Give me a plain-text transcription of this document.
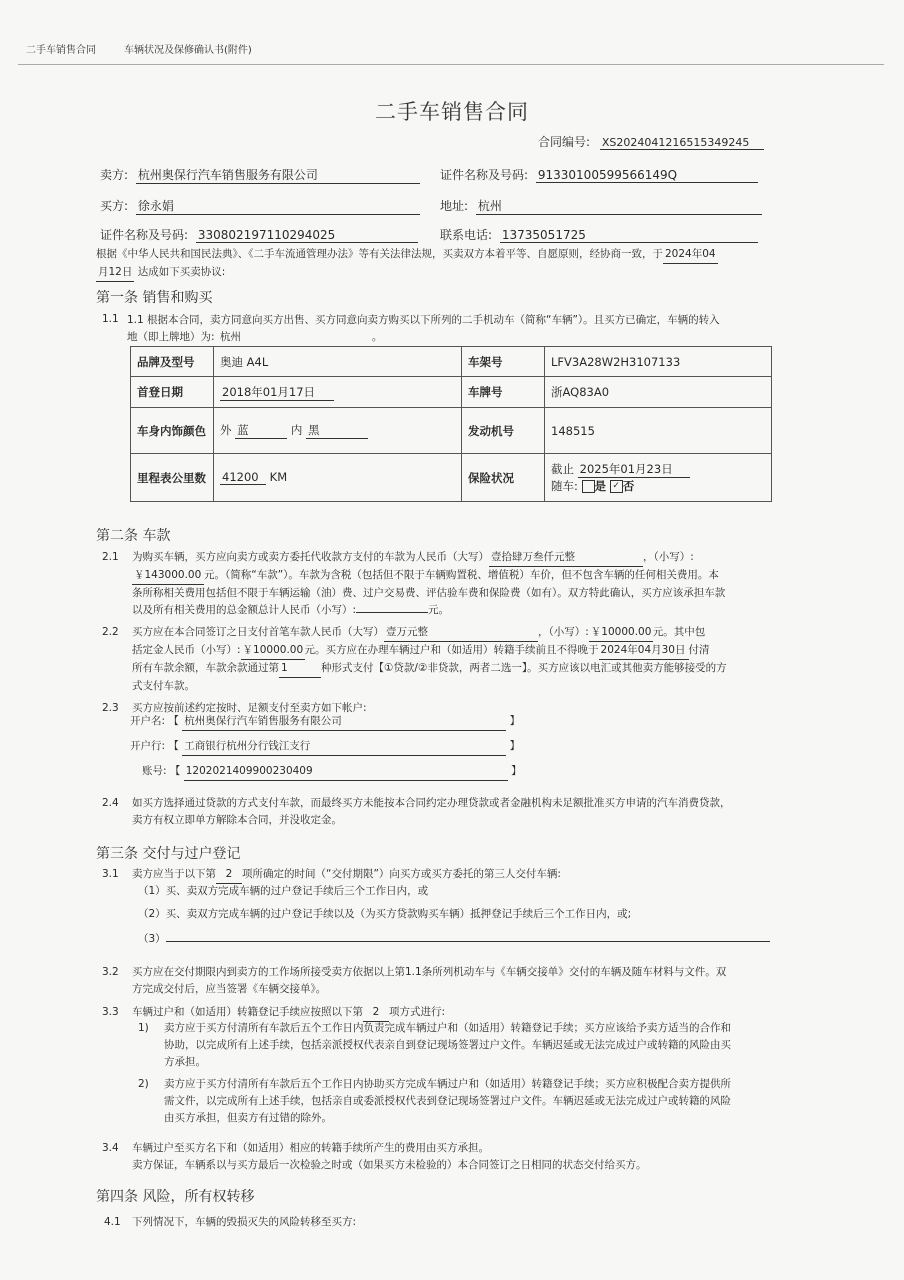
二手车销售合同	车辆状况及保修确认书(附件)
二手车销售合同
合同编号: XS2024041216515349245
卖方: 杭州奥保行汽车销售服务有限公司	证件名称及号码: 91330100599566149Q
买方: 徐永娟	地址: 杭州
证件名称及号码: 330802197110294025	联系电话: 13735051725
根据《中华人民共和国民法典》、《二手车流通管理办法》等有关法律法规，买卖双方本着平等、自愿原则，经协商一致，于 2024年04
月12日 达成如下买卖协议:
第一条 销售和购买
1.1 1.1 根据本合同，卖方同意向买方出售、买方同意向卖方购买以下所列的二手机动车（简称“车辆”）。且买方已确定，车辆的转入
地（即上牌地）为: 杭州	。
品牌及型号	奥迪 A4L	车架号	LFV3A28W2H3107133
首登日期	2018年01月17日	车牌号	浙AQ83A0
车身内饰颜色	外 蓝 内 黑	发动机号	148515
里程表公里数	41200 KM	保险状况	截止 2025年01月23日
随车: 是 ✓ 否
第二条 车款
2.1 为购买车辆，买方应向卖方或卖方委托代收款方支付的车款为人民币（大写） 壹拾肆万叁仟元整	，（小写）:
￥143000.00 元。（简称“车款”）。车款为含税（包括但不限于车辆购置税、增值税）车价，但不包含车辆的任何相关费用。本
条所称相关费用包括但不限于车辆运输（油）费、过户交易费、评估验车费和保险费（如有）。双方特此确认，买方应该承担车款
以及所有相关费用的总金额总计人民币（小写）:	元。
2.2 买方应在本合同签订之日支付首笔车款人民币（大写） 壹万元整	，（小写）: ￥10000.00元。其中包
括定金人民币（小写）: ￥10000.00元。买方应在办理车辆过户和（如适用）转籍手续前且不得晚于 2024年04月30日 付清
所有车款余额，车款余款通过第 1	种形式支付【①贷款/②非贷款，两者二选一】。买方应该以电汇或其他卖方能够接受的方
式支付车款。
2.3 买方应按前述约定按时、足额支付至卖方如下帐户:
开户名: 【 杭州奥保行汽车销售服务有限公司	】
开户行: 【 工商银行杭州分行钱江支行	】
账号: 【 1202021409900230409	】
2.4 如买方选择通过贷款的方式支付车款，而最终买方未能按本合同约定办理贷款或者金融机构未足额批准买方申请的汽车消费贷款，
卖方有权立即单方解除本合同，并没收定金。
第三条 交付与过户登记
3.1 卖方应当于以下第 2 项所确定的时间（“交付期限”）向买方或买方委托的第三人交付车辆:
（1）买、卖双方完成车辆的过户登记手续后三个工作日内，或
（2）买、卖双方完成车辆的过户登记手续以及（为买方贷款购买车辆）抵押登记手续后三个工作日内，或;
（3）
3.2 买方应在交付期限内到卖方的工作场所接受卖方依据以上第1.1条所列机动车与《车辆交接单》交付的车辆及随车材料与文件。双
方完成交付后，应当签署《车辆交接单》。
3.3 车辆过户和（如适用）转籍登记手续应按照以下第 2 项方式进行:
1) 卖方应于买方付清所有车款后五个工作日内负责完成车辆过户和（如适用）转籍登记手续；买方应该给予卖方适当的合作和
协助，以完成所有上述手续，包括亲派授权代表亲自到登记现场签署过户文件。车辆迟延或无法完成过户或转籍的风险由买
方承担。
2) 卖方应于买方付清所有车款后五个工作日内协助买方完成车辆过户和（如适用）转籍登记手续；买方应积极配合卖方提供所
需文件，以完成所有上述手续，包括亲自或委派授权代表到登记现场签署过户文件。车辆迟延或无法完成过户或转籍的风险
由买方承担，但卖方有过错的除外。
3.4 车辆过户至买方名下和（如适用）相应的转籍手续所产生的费用由买方承担。
卖方保证，车辆系以与买方最后一次检验之时或（如果买方未检验的）本合同签订之日相同的状态交付给买方。
第四条 风险，所有权转移
4.1 下列情况下，车辆的毁损灭失的风险转移至买方:
